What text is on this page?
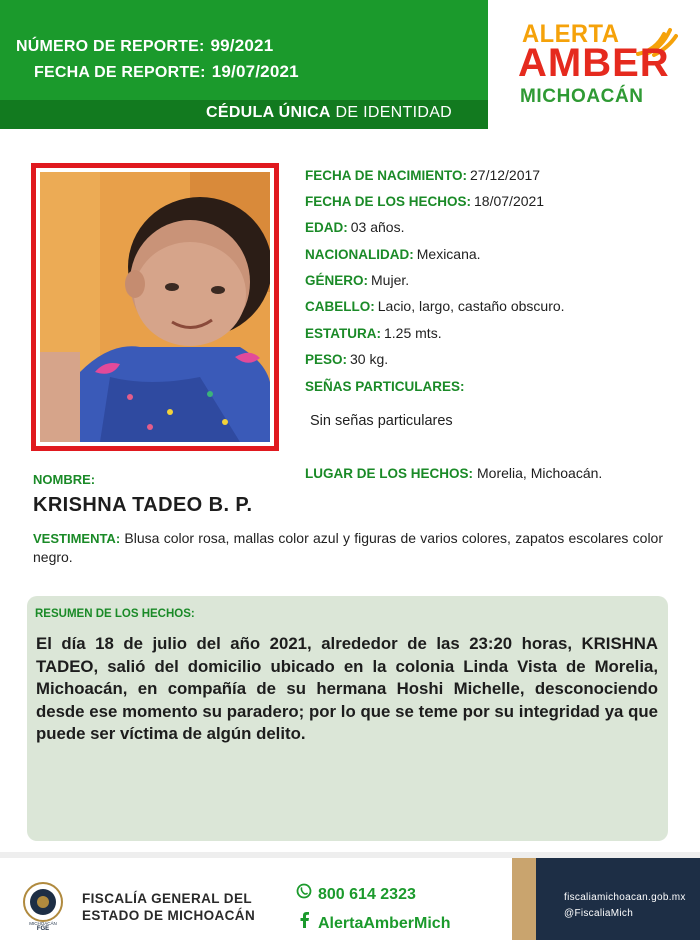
NÚMERO DE REPORTE: 99/2021
FECHA DE REPORTE: 19/07/2021
CÉDULA ÚNICA DE IDENTIDAD
ALERTA
AMBER
MICHOACÁN
FECHA DE NACIMIENTO: 27/12/2017
FECHA DE LOS HECHOS: 18/07/2021
EDAD: 03 años.
NACIONALIDAD: Mexicana.
GÉNERO: Mujer.
CABELLO: Lacio, largo, castaño obscuro.
ESTATURA: 1.25 mts.
PESO: 30 kg.
SEÑAS PARTICULARES:
Sin señas particulares
LUGAR DE LOS HECHOS: Morelia, Michoacán.
NOMBRE:
KRISHNA TADEO B. P.
VESTIMENTA: Blusa color rosa, mallas color azul y figuras de varios colores, zapatos escolares color negro.
RESUMEN DE LOS HECHOS:
El día 18 de julio del año 2021, alrededor de las 23:20 horas, KRISHNA TADEO, salió del domicilio ubicado en la colonia Linda Vista de Morelia, Michoacán, en compañía de su hermana Hoshi Michelle, desconociendo desde ese momento su paradero; por lo que se teme por su integridad ya que puede ser víctima de algún delito.
MICHOACÁN
FGE
FISCALÍA GENERAL DEL
ESTADO DE MICHOACÁN
800 614 2323
AlertaAmberMich
fiscaliamichoacan.gob.mx
@FiscaliaMich
